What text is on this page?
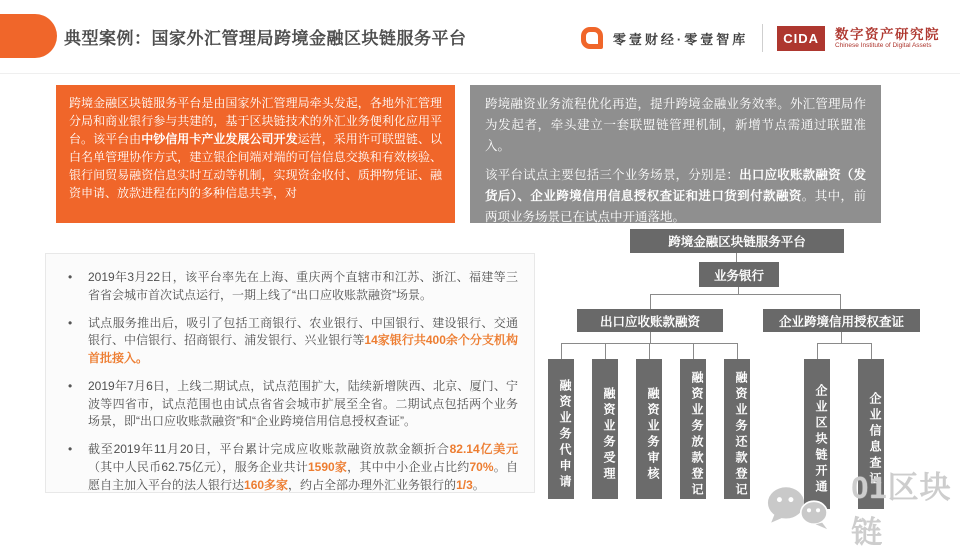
典型案例：国家外汇管理局跨境金融区块链服务平台	零壹财经·零壹智库	CIDA	数字资产研究院
Chinese Institute of Digital Assets
跨境金融区块链服务平台是由国家外汇管理局牵头发起，各地外汇管理分局和商业银行参与共建的，基于区块链技术的外汇业务便利化应用平台。该平台由中钞信用卡产业发展公司开发运营，采用许可联盟链、以白名单管理协作方式，建立银企间端对端的可信信息交换和有效核验、银行间贸易融资信息实时互动等机制，实现资金收付、质押物凭证、融资申请、放款进程在内的多种信息共享，对

跨境融资业务流程优化再造，提升跨境金融业务效率。外汇管理局作为发起者，牵头建立一套联盟链管理机制，新增节点需通过联盟准入。

该平台试点主要包括三个业务场景，分别是：出口应收账款融资（发货后）、企业跨境信用信息授权查证和进口货到付款融资。其中，前两项业务场景已在试点中开通落地。

•	2019年3月22日，该平台率先在上海、重庆两个直辖市和江苏、浙江、福建等三省省会城市首次试点运行，一期上线了“出口应收账款融资”场景。
•	试点服务推出后，吸引了包括工商银行、农业银行、中国银行、建设银行、交通银行、中信银行、招商银行、浦发银行、兴业银行等14家银行共400余个分支机构首批接入。
•	2019年7月6日，上线二期试点，试点范围扩大，陆续新增陕西、北京、厦门、宁波等四省市，试点范围也由试点省省会城市扩展至全省。二期试点包括两个业务场景，即“出口应收账款融资”和“企业跨境信用信息授权查证”。
•	截至2019年11月20日，平台累计完成应收账款融资放款金额折合82.14亿美元（其中人民币62.75亿元），服务企业共计1590家，其中中小企业占比约70%。自愿自主加入平台的法人银行达160多家，约占全部办理外汇业务银行的1/3。
跨境金融区块链服务平台
业务银行
出口应收账款融资	企业跨境信用授权查证
融资业务代申请	融资业务受理	融资业务审核	融资业务放款登记	融资业务还款登记	企业区块链开通	企业信息查证
01区块链
